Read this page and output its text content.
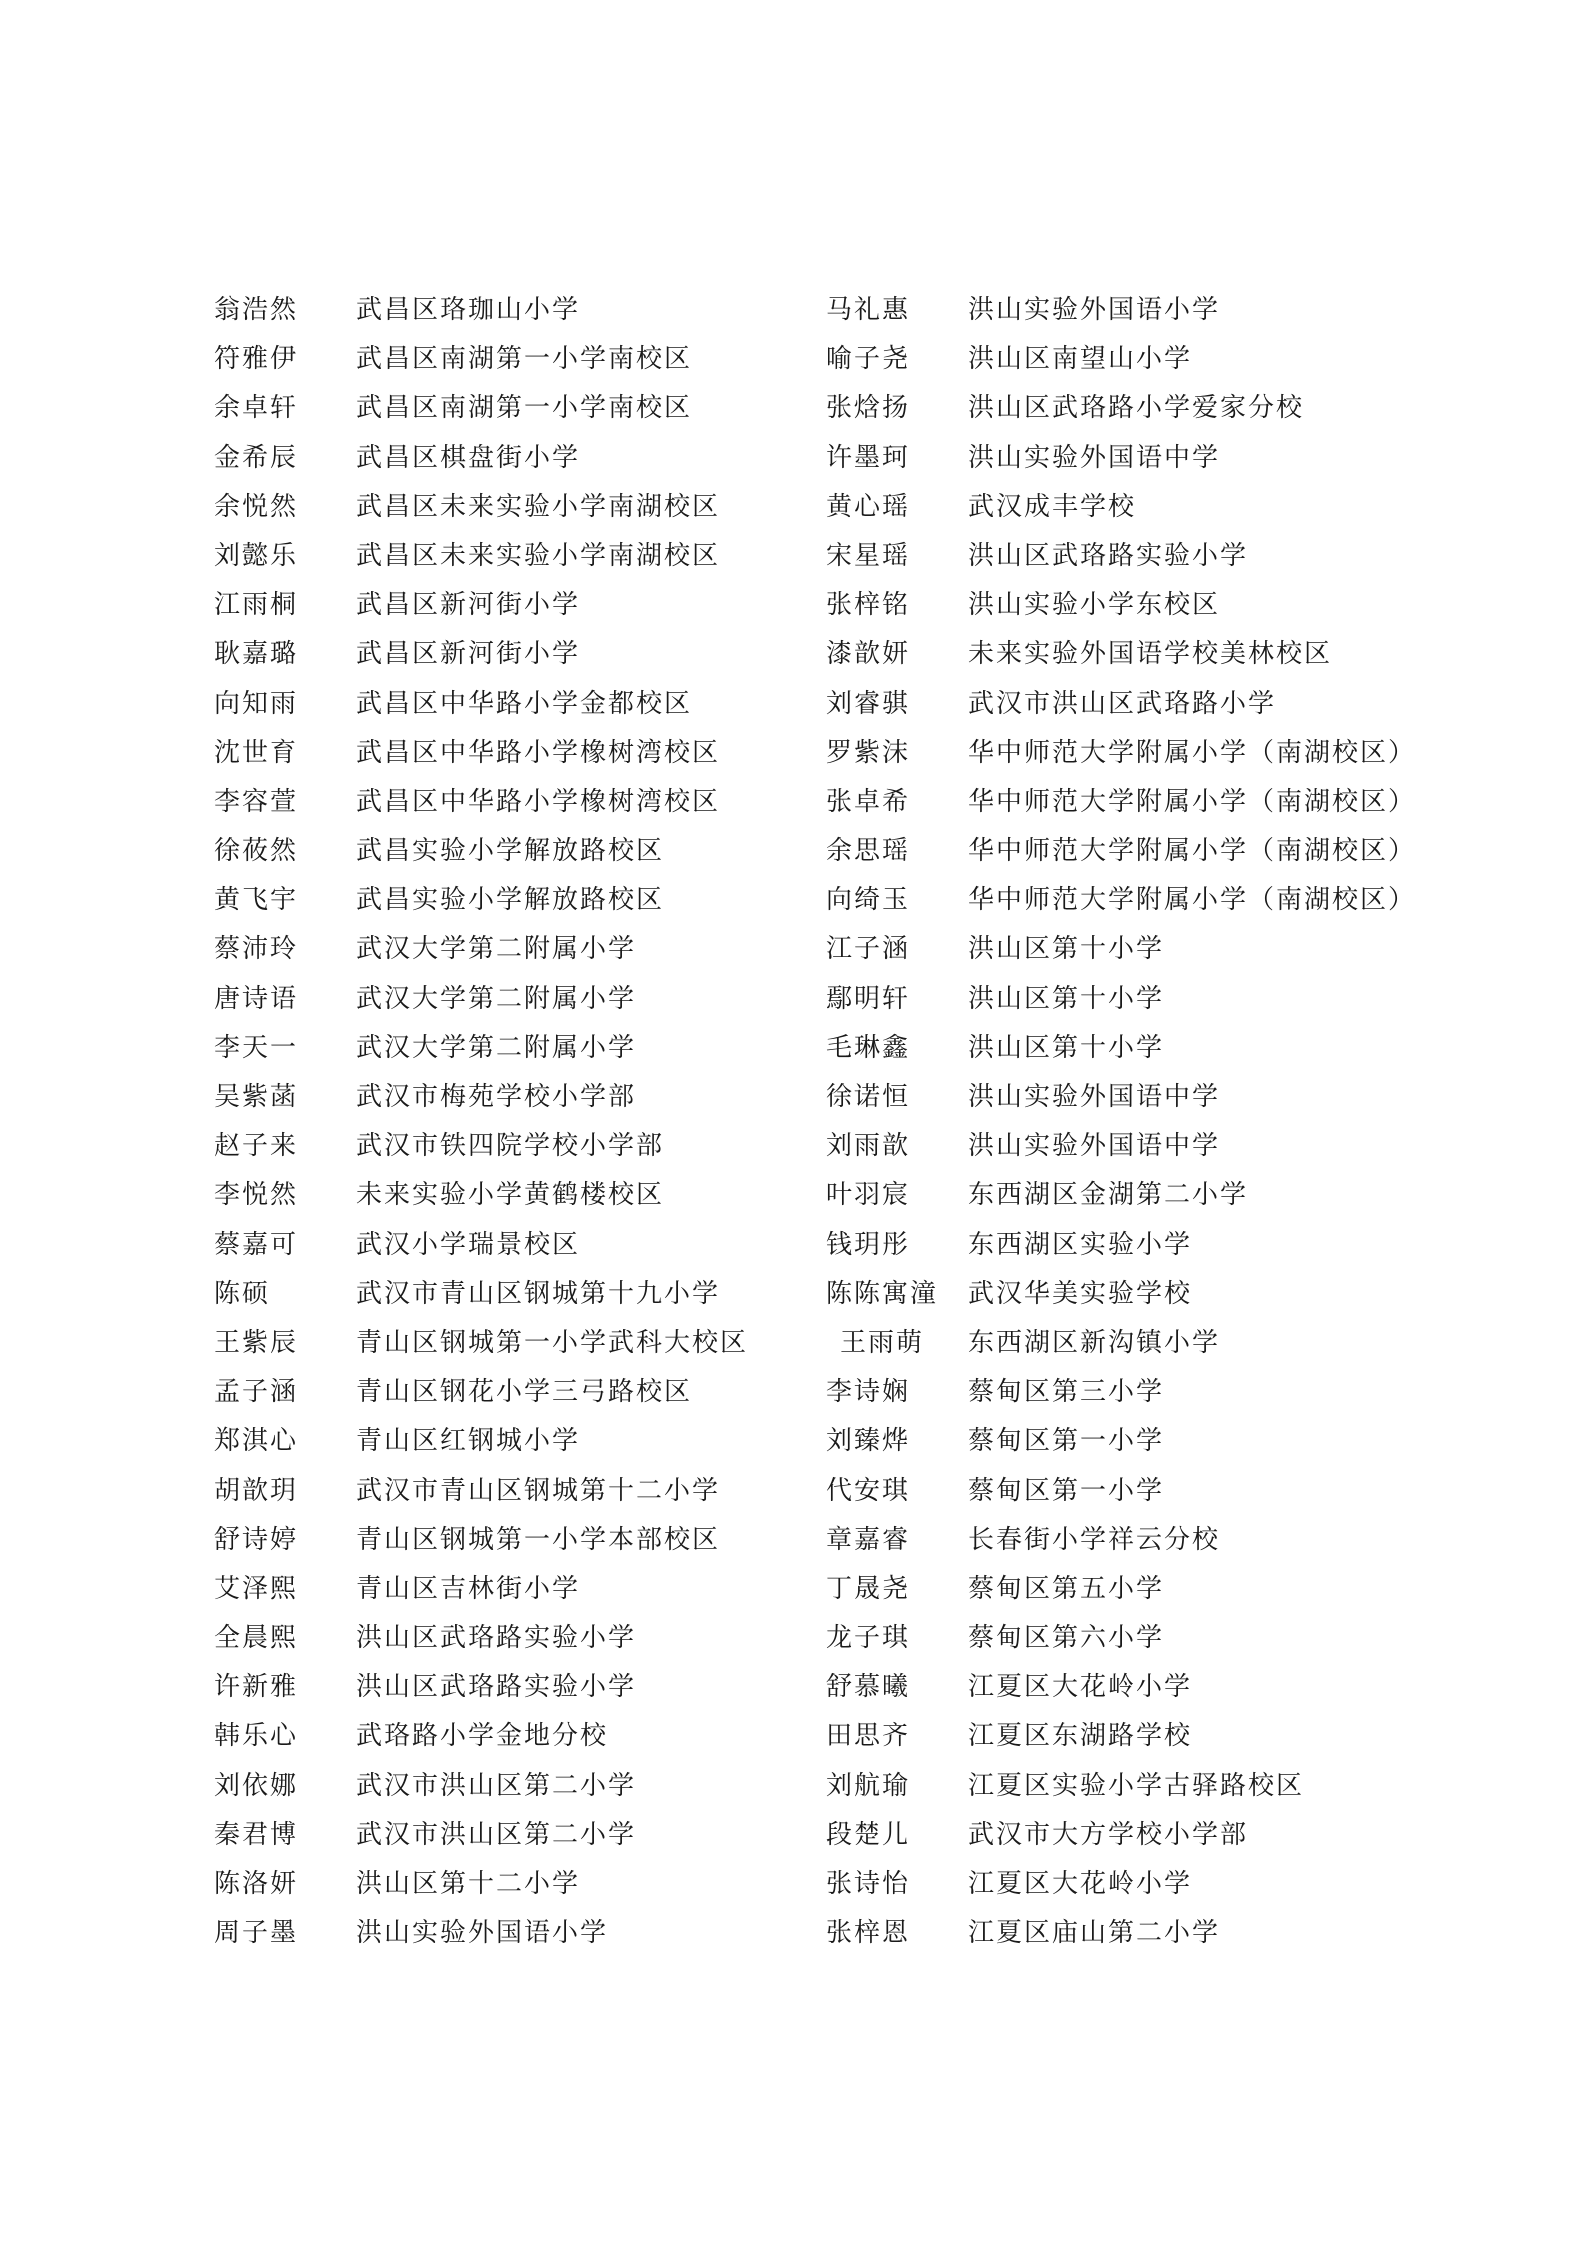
翁浩然 武昌区珞珈山小学
符雅伊 武昌区南湖第一小学南校区
余卓轩 武昌区南湖第一小学南校区
金希辰 武昌区棋盘街小学
余悦然 武昌区未来实验小学南湖校区
刘懿乐 武昌区未来实验小学南湖校区
江雨桐 武昌区新河街小学
耿嘉璐 武昌区新河街小学
向知雨 武昌区中华路小学金都校区
沈世育 武昌区中华路小学橡树湾校区
李容萱 武昌区中华路小学橡树湾校区
徐莜然 武昌实验小学解放路校区
黄飞宇 武昌实验小学解放路校区
蔡沛玲 武汉大学第二附属小学
唐诗语 武汉大学第二附属小学
李天一 武汉大学第二附属小学
吴紫菡 武汉市梅苑学校小学部
赵子来 武汉市铁四院学校小学部
李悦然 未来实验小学黄鹤楼校区
蔡嘉可 武汉小学瑞景校区
陈硕	武汉市青山区钢城第十九小学
王紫辰 青山区钢城第一小学武科大校区
孟子涵 青山区钢花小学三弓路校区
郑淇心 青山区红钢城小学
胡歆玥 武汉市青山区钢城第十二小学
舒诗婷 青山区钢城第一小学本部校区
艾泽熙 青山区吉林街小学
全晨熙 洪山区武珞路实验小学
许新雅 洪山区武珞路实验小学
韩乐心 武珞路小学金地分校
刘依娜 武汉市洪山区第二小学
秦君博 武汉市洪山区第二小学
陈洛妍 洪山区第十二小学
周子墨 洪山实验外国语小学
马礼惠 洪山实验外国语小学
喻子尧 洪山区南望山小学
张焓扬 洪山区武珞路小学爱家分校
许墨珂 洪山实验外国语中学
黄心瑶 武汉成丰学校
宋星瑶 洪山区武珞路实验小学
张梓铭 洪山实验小学东校区
漆歆妍 未来实验外国语学校美林校区
刘睿骐 武汉市洪山区武珞路小学
罗紫沫 华中师范大学附属小学（南湖校区）
张卓希 华中师范大学附属小学（南湖校区）
余思瑶 华中师范大学附属小学（南湖校区）
向绮玉 华中师范大学附属小学（南湖校区）
江子涵 洪山区第十小学
鄢明轩 洪山区第十小学
毛琳鑫 洪山区第十小学
徐诺恒 洪山实验外国语中学
刘雨歆 洪山实验外国语中学
叶羽宸 东西湖区金湖第二小学
钱玥彤 东西湖区实验小学
陈陈寓潼 武汉华美实验学校
王雨萌 东西湖区新沟镇小学
李诗娴 蔡甸区第三小学
刘臻烨 蔡甸区第一小学
代安琪 蔡甸区第一小学
章嘉睿 长春街小学祥云分校
丁晟尧 蔡甸区第五小学
龙子琪 蔡甸区第六小学
舒慕曦 江夏区大花岭小学
田思齐 江夏区东湖路学校
刘航瑜 江夏区实验小学古驿路校区
段楚儿 武汉市大方学校小学部
张诗怡 江夏区大花岭小学
张梓恩 江夏区庙山第二小学
